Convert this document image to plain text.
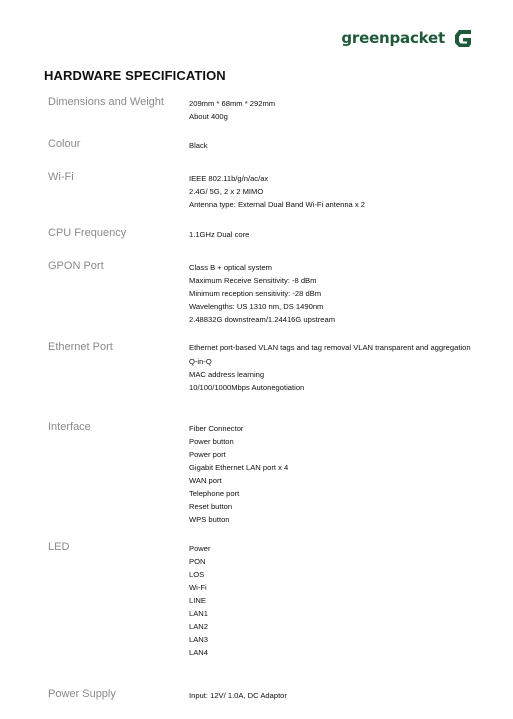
greenpacket
HARDWARE SPECIFICATION
Dimensions and Weight	209mm * 68mm * 292mm
About 400g
Colour	Black
Wi-Fi	IEEE 802.11b/g/n/ac/ax
2.4G/ 5G, 2 x 2 MIMO
Antenna type: External Dual Band Wi-Fi antenna x 2
CPU Frequency	1.1GHz Dual core
GPON Port	Class B + optical system
Maximum Receive Sensitivity: -8 dBm
Minimum reception sensitivity: -28 dBm
Wavelengths: US 1310 nm, DS 1490nm
2.48832G downstream/1.24416G upstream
Ethernet Port	Ethernet port-based VLAN tags and tag removal VLAN transparent and aggregation
Q-in-Q
MAC address learning
10/100/1000Mbps Autonegotiation
Interface	Fiber Connector
Power button
Power port
Gigabit Ethernet LAN port x 4
WAN port
Telephone port
Reset button
WPS button
LED	Power
PON
LOS
Wi-Fi
LINE
LAN1
LAN2
LAN3
LAN4
Power Supply	Input: 12V/ 1.0A, DC Adaptor
